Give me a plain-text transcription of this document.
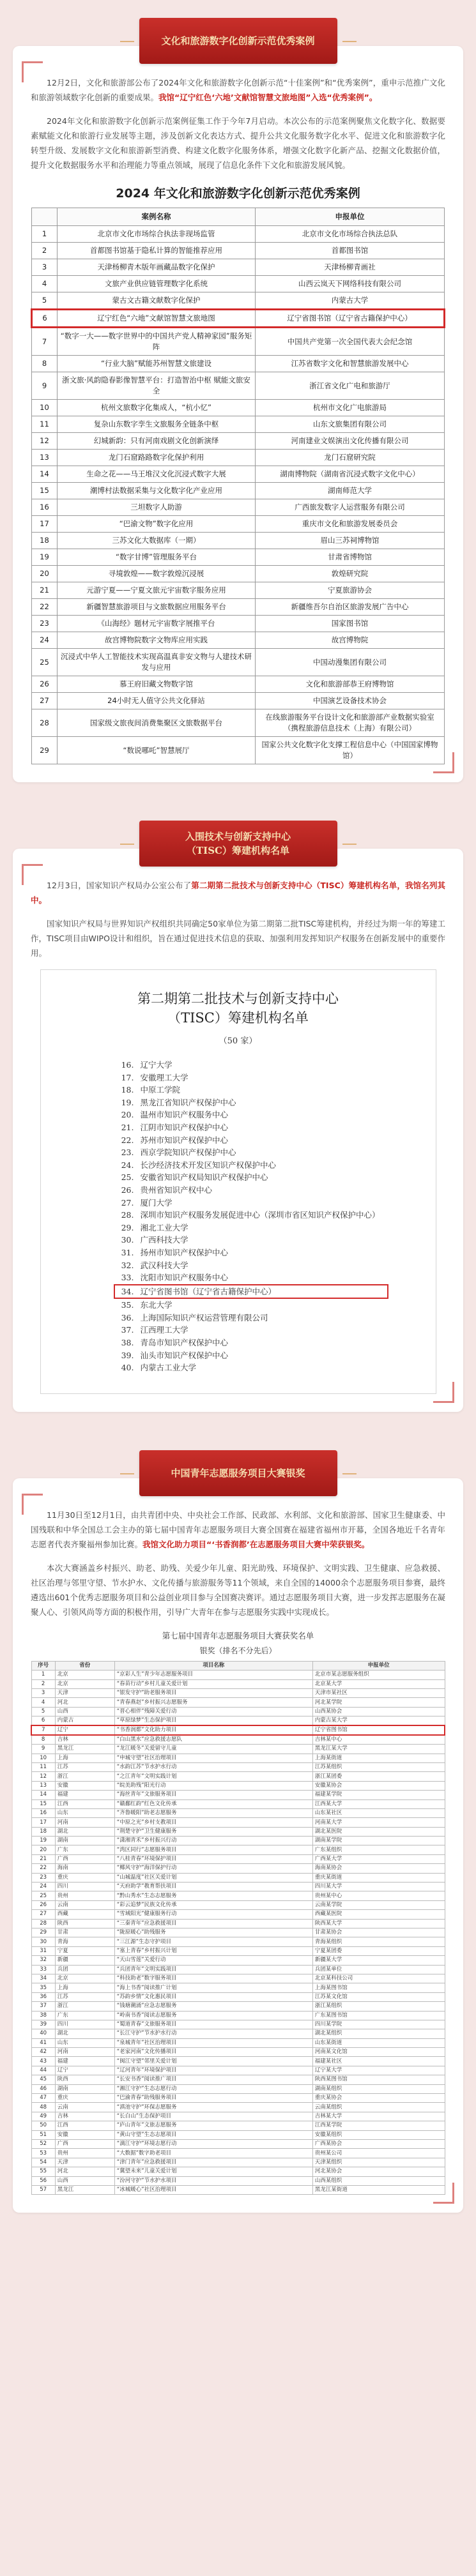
文化和旅游数字化创新示范优秀案例

12月2日，文化和旅游部公布了2024年文化和旅游数字化创新示范“十佳案例”和“优秀案例”，重申示范推广文化和旅游领域数字化创新的重要成果。我馆“辽宁红色‘六地’文献馆智慧文旅地图”入选“优秀案例”。

2024年文化和旅游数字化创新示范案例征集工作于今年7月启动。本次公布的示范案例聚焦文化数字化、数据要素赋能文化和旅游行业发展等主题，涉及创新文化表达方式、提升公共文化服务数字化水平、促进文化和旅游数字化转型升级、发展数字文化和旅游新型消费、构建文化数字化服务体系，增强文化数字化新产品、挖掘文化数据价值，提升文化数据服务水平和治理能力等重点领域，展现了信息化条件下文化和旅游发展风貌。

2024 年文化和旅游数字化创新示范优秀案例
	案例名称	申报单位
1	北京市文化市场综合执法非现场监管	北京市文化市场综合执法总队
2	首都图书馆基于隐私计算的智能推荐应用	首都图书馆
3	天津杨柳青木版年画藏品数字化保护	天津杨柳青画社
4	文旅产业供应链管理数字化系统	山西云岚天下网络科技有限公司
5	蒙古文古籍文献数字化保护	内蒙古大学
6	辽宁红色“六地”文献馆智慧文旅地图	辽宁省图书馆（辽宁省古籍保护中心）
7	“数字一大——数字世界中的中国共产党人精神家园”服务矩阵	中国共产党第一次全国代表大会纪念馆
8	“行业大脑”赋能苏州智慧文旅建设	江苏省数字文化和智慧旅游发展中心
9	浙文旅·风韵隐春影像智慧平台：打造智治中枢 赋能文旅安全	浙江省文化广电和旅游厅
10	杭州文旅数字化集成人，“杭小忆”	杭州市文化广电旅游局
11	复杂山东数字孪生文旅服务全链条中枢	山东文旅集团有限公司
12	幻城新韵：只有河南戏剧文化创新演绎	河南建业文娱演出文化传播有限公司
13	龙门石窟路路数字化保护利用	龙门石窟研究院
14	生命之花——马王堆汉文化沉浸式数字大展	湖南博物院（湖南省沉浸式数字文化中心）
15	潮博村法数据采集与文化数字化产业应用	湖南师范大学
16	三坦数字人助游	广西旅发数字人运营服务有限公司
17	“巴渝文物”数字化应用	重庆市文化和旅游发展委员会
18	三苏文化大数据库（一期）	眉山三苏祠博物馆
19	“数字甘博”管理服务平台	甘肃省博物馆
20	寻境敦煌——数字敦煌沉浸展	敦煌研究院
21	元游宁夏——宁夏文旅元宇宙数字服务应用	宁夏旅游协会
22	新疆智慧旅游项目与文旅数据应用服务平台	新疆维吾尔自治区旅游发展广告中心
23	《山海经》题材元宇宙数字展推平台	国家图书馆
24	故宫博物院数字文物库应用实践	故宫博物院
25	沉浸式中华人工智能技术实现高温真非安文物与人建技术研发与应用	中国动漫集团有限公司
26	慕王府旧藏文物数字馆	文化和旅游部恭王府博物馆
27	24小时无人值守公共文化驿站	中国演艺设备技术协会
28	国家级文旅夜间消费集聚区文旅数据平台	在线旅游服务平台设计文化和旅游部产业数据实验室（携程旅游信息技术（上海）有限公司）
29	“数说哪吒”智慧展厅	国家公共文化数字化支撑工程信息中心（中国国家博物馆）
入围技术与创新支持中心
（TISC）筹建机构名单

12月3日，国家知识产权局办公室公布了第二期第二批技术与创新支持中心（TISC）筹建机构名单，我馆名列其中。

国家知识产权局与世界知识产权组织共同确定50家单位为第二期第二批TISC筹建机构，并经过为期一年的筹建工作，TISC项目由WIPO设计和组织，旨在通过促进技术信息的获取、加强利用发挥知识产权服务在创新发展中的重要作用。

第二期第二批技术与创新支持中心
（TISC）筹建机构名单
（50 家）
16. 辽宁大学
17. 安徽理工大学
18. 中原工学院
19. 黑龙江省知识产权保护中心
20. 温州市知识产权服务中心
21. 江阴市知识产权保护中心
22. 苏州市知识产权保护中心
23. 西京学院知识产权保护中心
24. 长沙经济技术开发区知识产权保护中心
25. 安徽省知识产权局知识产权保护中心
26. 贵州省知识产权中心
27. 厦门大学
28. 深圳市知识产权服务发展促进中心（深圳市省区知识产权保护中心）
29. 湘北工业大学
30. 广西科技大学
31. 扬州市知识产权保护中心
32. 武汉科技大学
33. 沈阳市知识产权服务中心
34. 辽宁省图书馆（辽宁省古籍保护中心）
35. 东北大学
36. 上海国际知识产权运营管理有限公司
37. 江西理工大学
38. 青岛市知识产权保护中心
39. 汕头市知识产权保护中心
40. 内蒙古工业大学
中国青年志愿服务项目大赛银奖

11月30日至12月1日，由共青团中央、中央社会工作部、民政部、水利部、文化和旅游部、国家卫生健康委、中国残联和中华全国总工会主办的第七届中国青年志愿服务项目大赛全国赛在福建省福州市开幕，全国各地近千名青年志愿者代表齐聚福州参加比赛。我馆文化助力项目“‘书香润都’在志愿服务项目大赛中荣获银奖。

本次大赛涵盖乡村振兴、助老、助残、关爱少年儿童、阳光助残、环境保护、文明实践、卫生健康、应急救援、社区治理与邻里守望、节水护水、文化传播与旅游服务等11个领域，来自全国的14000余个志愿服务项目参赛，最终遴选出601个优秀志愿服务项目和公益创业项目参与全国赛决赛评。通过志愿服务项目大赛，进一步发挥志愿服务在凝聚人心、引领风尚等方面的积极作用，引导广大青年在参与志愿服务实践中实现成长。

第七届中国青年志愿服务项目大赛获奖名单
银奖（排名不分先后）
序号	省份	项目名称	申报单位
1	北京	“京彩人生”青少年志愿服务项目	北京市某志愿服务组织
2	北京	“春苗行动”乡村儿童关爱计划	北京某大学
3	天津	“银发守护”助老服务项目	天津市某社区
4	河北	“青春燕赵”乡村振兴志愿服务	河北某学院
5	山西	“晋心相伴”残障关爱行动	山西某协会
6	内蒙古	“草原绿梦”生态保护项目	内蒙古某大学
7	辽宁	“书香润都”文化助力项目	辽宁省图书馆
8	吉林	“白山黑水”应急救援志愿队	吉林某中心
9	黑龙江	“龙江暖冬”关爱留守儿童	黑龙江某大学
10	上海	“申城守望”社区治理项目	上海某街道
11	江苏	“水韵江苏”节水护水行动	江苏某组织
12	浙江	“之江青年”文明实践计划	浙江某团委
13	安徽	“皖美助残”阳光行动	安徽某协会
14	福建	“海丝青年”文旅服务项目	福建某学院
15	江西	“赣鄱红韵”红色文化传承	江西某大学
16	山东	“齐鲁暖阳”助老志愿服务	山东某社区
17	河南	“中原之光”乡村支教项目	河南某大学
18	湖北	“荆楚守护”卫生健康服务	湖北某医院
19	湖南	“潇湘青禾”乡村振兴行动	湖南某学院
20	广东	“湾区同行”志愿服务项目	广东某组织
21	广西	“八桂青春”环境保护项目	广西某大学
22	海南	“椰风守护”海洋保护行动	海南某协会
23	重庆	“山城温度”社区关爱计划	重庆某街道
24	四川	“天府助学”教育帮扶项目	四川某大学
25	贵州	“黔山秀水”生态志愿服务	贵州某中心
26	云南	“彩云追梦”民族文化传承	云南某学院
27	西藏	“雪域阳光”健康服务行动	西藏某医院
28	陕西	“三秦青年”应急救援项目	陕西某大学
29	甘肃	“陇原暖心”助残服务	甘肃某协会
30	青海	“三江源”生态守护项目	青海某组织
31	宁夏	“塞上青春”乡村振兴计划	宁夏某团委
32	新疆	“天山雪莲”关爱行动	新疆某大学
33	兵团	“兵团青年”文明实践项目	兵团某单位
34	北京	“科技助老”数字服务项目	北京某科技公司
35	上海	“海上书香”阅读推广计划	上海某图书馆
36	江苏	“苏韵乡情”文化惠民项目	江苏某文化馆
37	浙江	“钱塘潮涌”应急志愿服务	浙江某组织
38	广东	“岭南书香”阅读志愿服务	广东某图书馆
39	四川	“蜀道青春”文旅服务项目	四川某学院
40	湖北	“长江守护”节水护水行动	湖北某组织
41	山东	“泉城青年”社区治理项目	山东某街道
42	河南	“老家河南”文化传播项目	河南某文化馆
43	福建	“闽江守望”邻里关爱计划	福建某社区
44	辽宁	“辽河青年”环境保护项目	辽宁某大学
45	陕西	“长安书香”阅读推广项目	陕西某图书馆
46	湖南	“湘江守护”生态志愿行动	湖南某组织
47	重庆	“巴渝青春”助残服务项目	重庆某协会
48	云南	“滇池守护”环保志愿服务	云南某组织
49	吉林	“长白山”生态保护项目	吉林某大学
50	江西	“庐山青年”文旅志愿服务	江西某学院
51	安徽	“黄山守望”生态志愿项目	安徽某组织
52	广西	“漓江守护”环境志愿行动	广西某协会
53	贵州	“大数据”数字助老项目	贵州某公司
54	天津	“津门青年”应急救援项目	天津某组织
55	河北	“冀望未来”儿童关爱计划	河北某协会
56	山西	“汾河守护”节水护水项目	山西某组织
57	黑龙江	“冰城暖心”社区治理项目	黑龙江某街道
